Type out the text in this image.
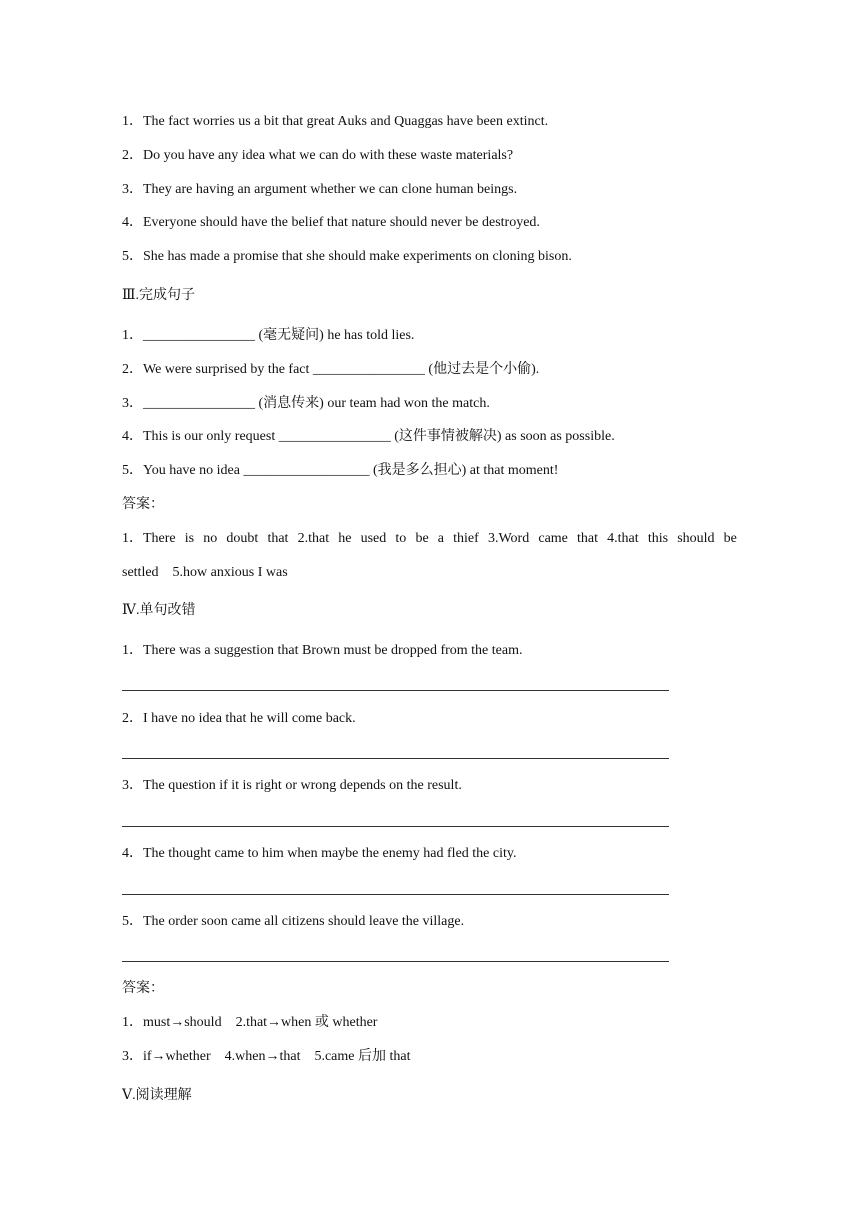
1．The fact worries us a bit that great Auks and Quaggas have been extinct.
2．Do you have any idea what we can do with these waste materials?
3．They are having an argument whether we can clone human beings.
4．Everyone should have the belief that nature should never be destroyed.
5．She has made a promise that she should make experiments on cloning bison.
Ⅲ.完成句子
1．________________ (毫无疑问) he has told lies.
2．We were surprised by the fact ________________ (他过去是个小偷).
3．________________ (消息传来) our team had won the match.
4．This is our only request ________________ (这件事情被解决) as soon as possible.
5．You have no idea __________________ (我是多么担心) at that moment!
答案：
1．There is no doubt that 2.that he used to be a thief 3.Word came that 4.that this should be
settled　5.how anxious I was
Ⅳ.单句改错
1．There was a suggestion that Brown must be dropped from the team.
2．I have no idea that he will come back.
3．The question if it is right or wrong depends on the result.
4．The thought came to him when maybe the enemy had fled the city.
5．The order soon came all citizens should leave the village.
答案：
1．must→should　2.that→when 或 whether
3．if→whether　4.when→that　5.came 后加 that
Ⅴ.阅读理解
